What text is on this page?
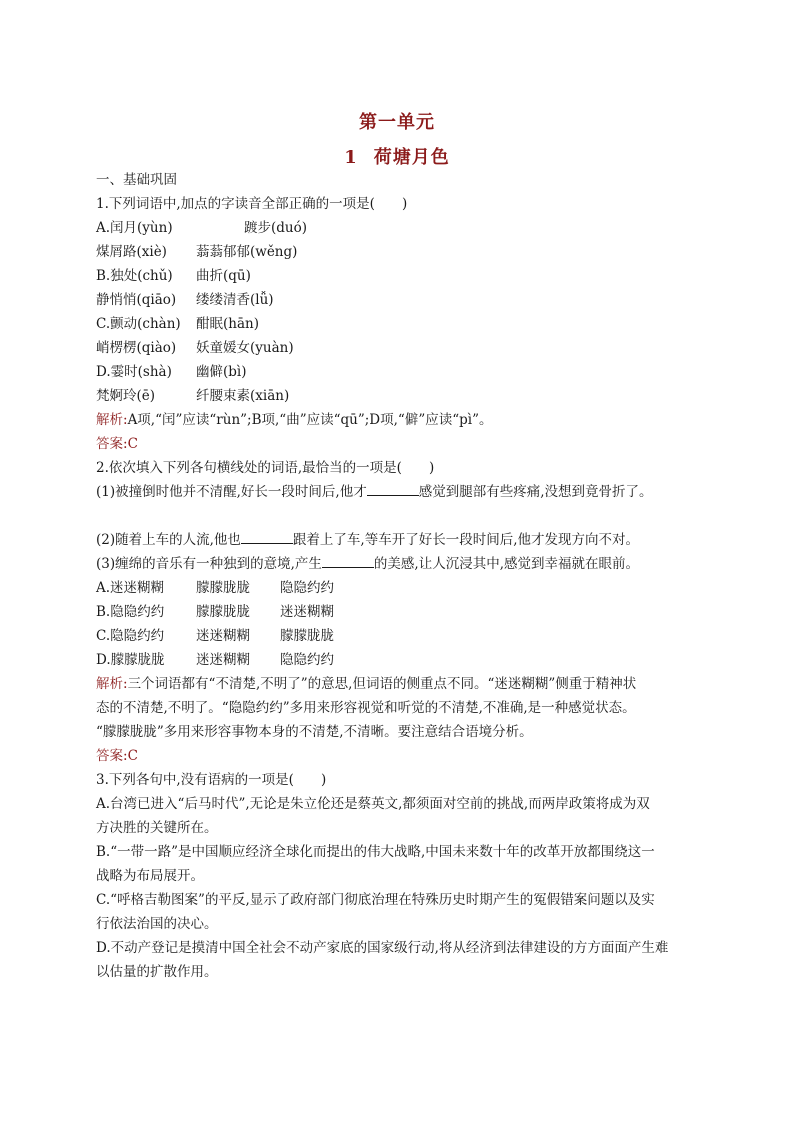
第一单元
1 荷塘月色
一、基础巩固
1.下列词语中,加点的字读音全部正确的一项是(　　)
A.闰月(yùn)	踱步(duó)
煤屑路(xiè) 蓊蓊郁郁(wěng)
B.独处(chǔ) 曲折(qū)
静悄悄(qiāo) 缕缕清香(lǚ)
C.颤动(chàn) 酣眠(hān)
峭楞楞(qiào) 妖童媛女(yuàn)
D.霎时(shà) 幽僻(bì)
梵婀玲(ē)	纤腰束素(xiān)
解析:A项,“闰”应读“rùn”;B项,“曲”应读“qū”;D项,“僻”应读“pì”。
答案:C
2.依次填入下列各句横线处的词语,最恰当的一项是(　　)
(1)被撞倒时他并不清醒,好长一段时间后,他才	感觉到腿部有些疼痛,没想到竟骨折了。
(2)随着上车的人流,他也	跟着上了车,等车开了好长一段时间后,他才发现方向不对。
(3)缠绵的音乐有一种独到的意境,产生	的美感,让人沉浸其中,感觉到幸福就在眼前。
A.迷迷糊糊 朦朦胧胧 隐隐约约
B.隐隐约约 朦朦胧胧 迷迷糊糊
C.隐隐约约 迷迷糊糊 朦朦胧胧
D.朦朦胧胧 迷迷糊糊 隐隐约约
解析:三个词语都有“不清楚,不明了”的意思,但词语的侧重点不同。“迷迷糊糊”侧重于精神状
态的不清楚,不明了。“隐隐约约”多用来形容视觉和听觉的不清楚,不准确,是一种感觉状态。
“朦朦胧胧”多用来形容事物本身的不清楚,不清晰。要注意结合语境分析。
答案:C
3.下列各句中,没有语病的一项是(　　)
A.台湾已进入“后马时代”,无论是朱立伦还是蔡英文,都须面对空前的挑战,而两岸政策将成为双
方决胜的关键所在。
B.“一带一路”是中国顺应经济全球化而提出的伟大战略,中国未来数十年的改革开放都围绕这一
战略为布局展开。
C.“呼格吉勒图案”的平反,显示了政府部门彻底治理在特殊历史时期产生的冤假错案问题以及实
行依法治国的决心。
D.不动产登记是摸清中国全社会不动产家底的国家级行动,将从经济到法律建设的方方面面产生难
以估量的扩散作用。
